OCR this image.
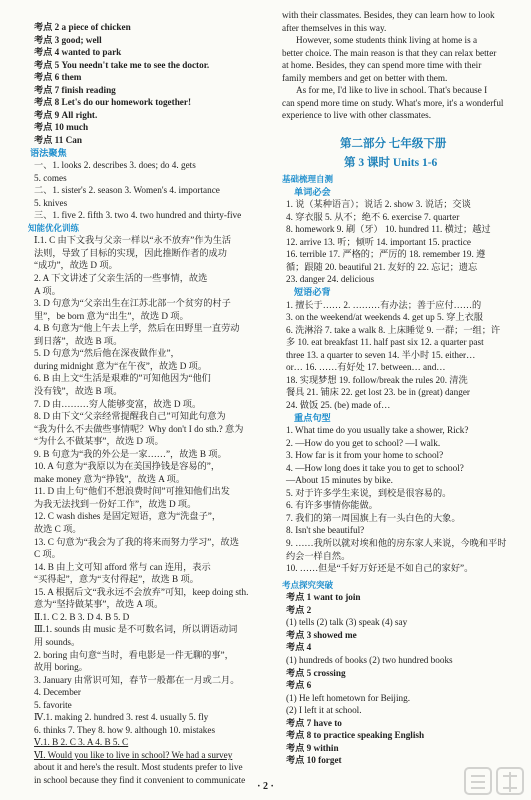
考点 2 a piece of chicken
考点 3 good; well
考点 4 wanted to park
考点 5 You needn't take me to see the doctor.
考点 6 them
考点 7 finish reading
考点 8 Let's do our homework together!
考点 9 All right.
考点 10 much
考点 11 Can
语法聚焦
一、1. looks 2. describes 3. does; do 4. gets
5. comes
二、1. sister's 2. season 3. Women's 4. importance
5. knives
三、1. five 2. fifth 3. two 4. two hundred and thirty-five
知能优化训练
Ⅰ.1. C 由下文我与父亲一样以“永不放弃”作为生活
法则，导致了目标的实现，因此推断作者的成功
“成功”，故选 D 项。
2. A 下文讲述了父亲生活的一些事情，故选
A 项。
3. D 句意为“父亲出生在江苏北部一个贫穷的村子
里”，be born 意为“出生”，故选 D 项。
4. B 句意为“他上午去上学，然后在田野里一直劳动
到日落”，故选 B 项。
5. D 句意为“然后他在深夜做作业”，
during midnight 意为“在午夜”，故选 D 项。
6. B 由上文“生活是艰难的”可知他因为“他们
没有钱”，故选 B 项。
7. D 由………穷人能够变富，故选 D 项。
8. D 由下文“父亲经常提醒我自己”可知此句意为
“我为什么不去做些事情呢？Why don't I do sth.? 意为
“为什么不做某事”，故选 D 项。
9. B 句意为“我的外公是一家……”，故选 B 项。
10. A 句意为“我原以为在美国挣钱是容易的”，
make money 意为“挣钱”，故选 A 项。
11. D 由上句“他们不想浪费时间”可推知他们出发
为我无法找到一份好工作”，故选 D 项。
12. C wash dishes 是固定短语，意为“洗盘子”，
故选 C 项。
13. C 句意为“我会为了我的将来而努力学习”，故选
C 项。
14. B 由上文可知 afford 常与 can 连用，表示
“买得起”，意为“支付得起”，故选 B 项。
15. A 根据后文“我永远不会放弃”可知，keep doing sth.
意为“坚持做某事”，故选 A 项。
Ⅱ.1. C 2. B 3. D 4. B 5. D
Ⅲ.1. sounds 由 music 是不可数名词，所以谓语动词
用 sounds。
2. boring 由句意“当时，看电影是一件无聊的事”，
故用 boring。
3. January 由常识可知，春节一般都在一月或二月。
4. December
5. favorite
Ⅳ.1. making 2. hundred 3. rest 4. usually 5. fly
6. thinks 7. They 8. how 9. although 10. mistakes
Ⅴ.1. B 2. C 3. A 4. B 5. C
Ⅵ. Would you like to live in school? We had a survey
about it and here's the result. Most students prefer to live
in school because they find it convenient to communicate
with their classmates. Besides, they can learn how to look
after themselves in this way.
However, some students think living at home is a
better choice. The main reason is that they can relax better
at home. Besides, they can spend more time with their
family members and get on better with them.
As for me, I'd like to live in school. That's because I
can spend more time on study. What's more, it's a wonderful
experience to live with other classmates.
第二部分 七年级下册
第 3 课时 Units 1-6
基础梳理自测
单词必会
1. 说（某种语言）；说话 2. show 3. 说话；交谈
4. 穿衣服 5. 从不；绝不 6. exercise 7. quarter
8. homework 9. 刷（牙） 10. hundred 11. 横过；越过
12. arrive 13. 听；倾听 14. important 15. practice
16. terrible 17. 严格的；严厉的 18. remember 19. 遵
循；跟随 20. beautiful 21. 友好的 22. 忘记；遗忘
23. danger 24. delicious
短语必背
1. 擅长于…… 2. ………有办法；善于应付……的
3. on the weekend/at weekends 4. get up 5. 穿上衣服
6. 洗淋浴 7. take a walk 8. 上床睡觉 9. 一群；一组；许
多 10. eat breakfast 11. half past six 12. a quarter past
three 13. a quarter to seven 14. 半小时 15. either…
or… 16. ……有好处 17. between… and…
18. 实现梦想 19. follow/break the rules 20. 清洗
餐具 21. 铺床 22. get lost 23. be in (great) danger
24. 做饭 25. (be) made of…
重点句型
1. What time do you usually take a shower, Rick?
2. —How do you get to school? —I walk.
3. How far is it from your home to school?
4. —How long does it take you to get to school?
—About 15 minutes by bike.
5. 对于许多学生来说，到校是很容易的。
6. 有许多事情你能做。
7. 我们的第一周国旗上有一头白色的大象。
8. Isn't she beautiful?
9. ……我所以就对埃和他的房东家人来说，今晚和平时
约会一样自然。
10. ……但是“千好万好还是不如自己的家好”。
考点探究突破
考点 1 want to join
考点 2
(1) tells (2) talk (3) speak (4) say
考点 3 showed me
考点 4
(1) hundreds of books (2) two hundred books
考点 5 crossing
考点 6
(1) He left hometown for Beijing.
(2) I left it at school.
考点 7 have to
考点 8 to practice speaking English
考点 9 within
考点 10 forget
· 2 ·
